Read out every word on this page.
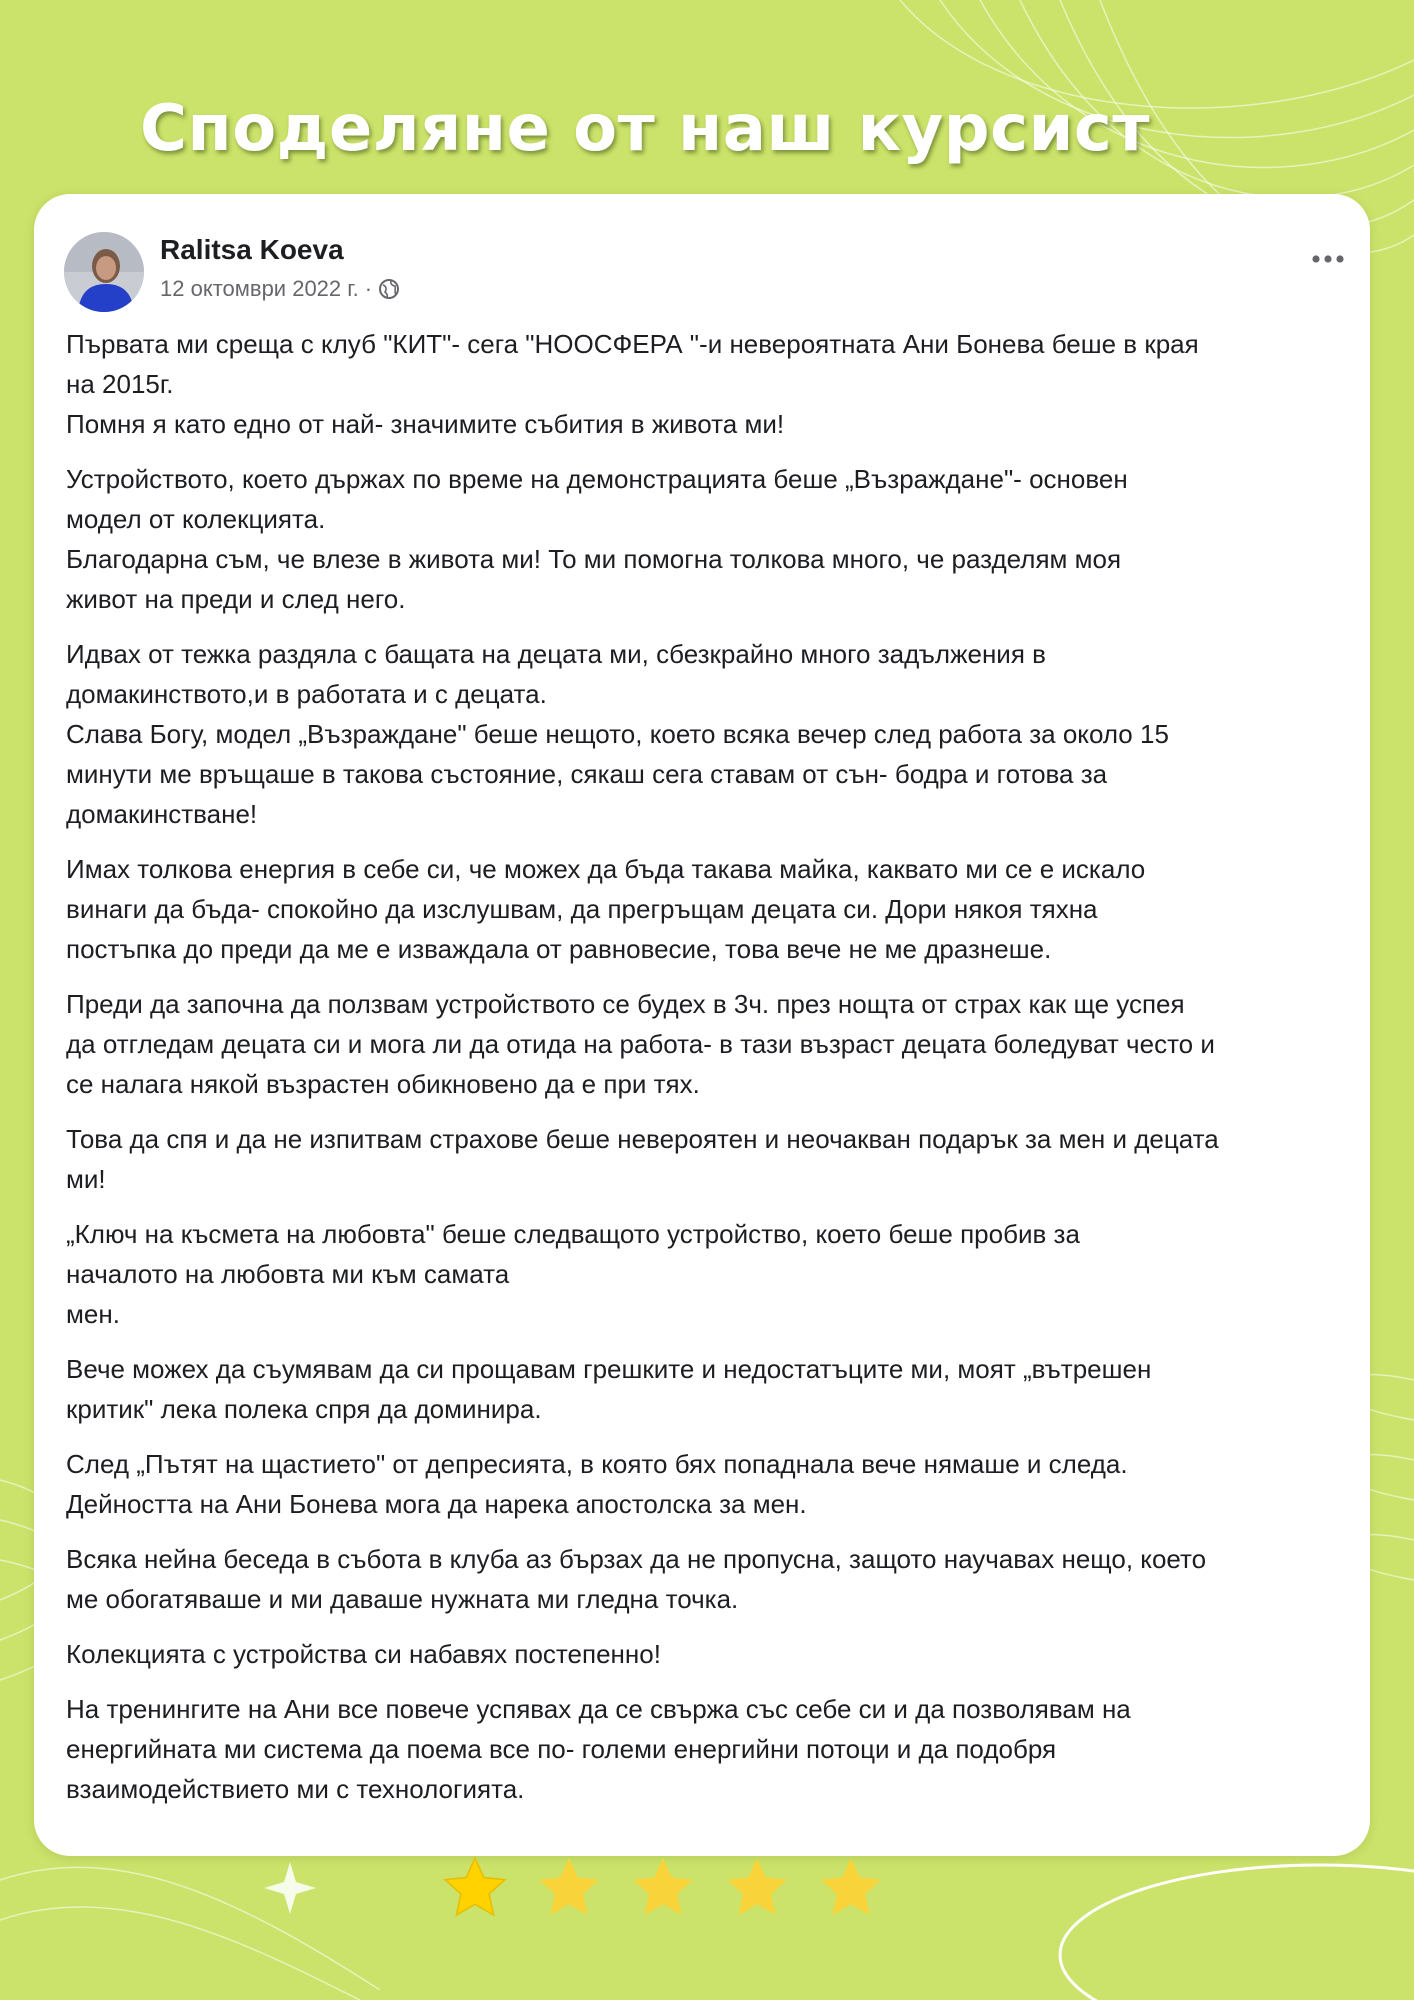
Споделяне от наш курсист
Ralitsa Koeva
12 октомври 2022 г. ·

Първата ми среща с клуб "КИТ"- сега "НООСФЕРА "-и невероятната Ани Бонева беше в края
на 2015г.
Помня я като едно от най- значимите събития в живота ми!

Устройството, което държах по време на демонстрацията беше „Възраждане"- основен
модел от колекцията.
Благодарна съм, че влезе в живота ми! То ми помогна толкова много, че разделям моя
живот на преди и след него.

Идвах от тежка раздяла с бащата на децата ми, сбезкрайно много задължения в
домакинството,и в работата и с децата.
Слава Богу, модел „Възраждане" беше нещото, което всяка вечер след работа за около 15
минути ме връщаше в такова състояние, сякаш сега ставам от сън- бодра и готова за
домакинстване!

Имах толкова енергия в себе си, че можех да бъда такава майка, каквато ми се е искало
винаги да бъда- спокойно да изслушвам, да прегръщам децата си. Дори някоя тяхна
постъпка до преди да ме е изваждала от равновесие, това вече не ме дразнеше.

Преди да започна да ползвам устройството се будех в 3ч. през нощта от страх как ще успея
да отгледам децата си и мога ли да отида на работа- в тази възраст децата боледуват често и
се налага някой възрастен обикновено да е при тях.

Това да спя и да не изпитвам страхове беше невероятен и неочакван подарък за мен и децата
ми!

„Ключ на късмета на любовта" беше следващото устройство, което беше пробив за
началото на любовта ми към самата
мен.

Вече можех да съумявам да си прощавам грешките и недостатъците ми, моят „вътрешен
критик" лека полека спря да доминира.

След „Пътят на щастието" от депресията, в която бях попаднала вече нямаше и следа.
Дейността на Ани Бонева мога да нарека апостолска за мен.

Всяка нейна беседа в събота в клуба аз бързах да не пропусна, защото научавах нещо, което
ме обогатяваше и ми даваше нужната ми гледна точка.

Колекцията с устройства си набавях постепенно!

На тренингите на Ани все повече успявах да се свържа със себе си и да позволявам на
енергийната ми система да поема все по- големи енергийни потоци и да подобря
взаимодействието ми с технологията.
